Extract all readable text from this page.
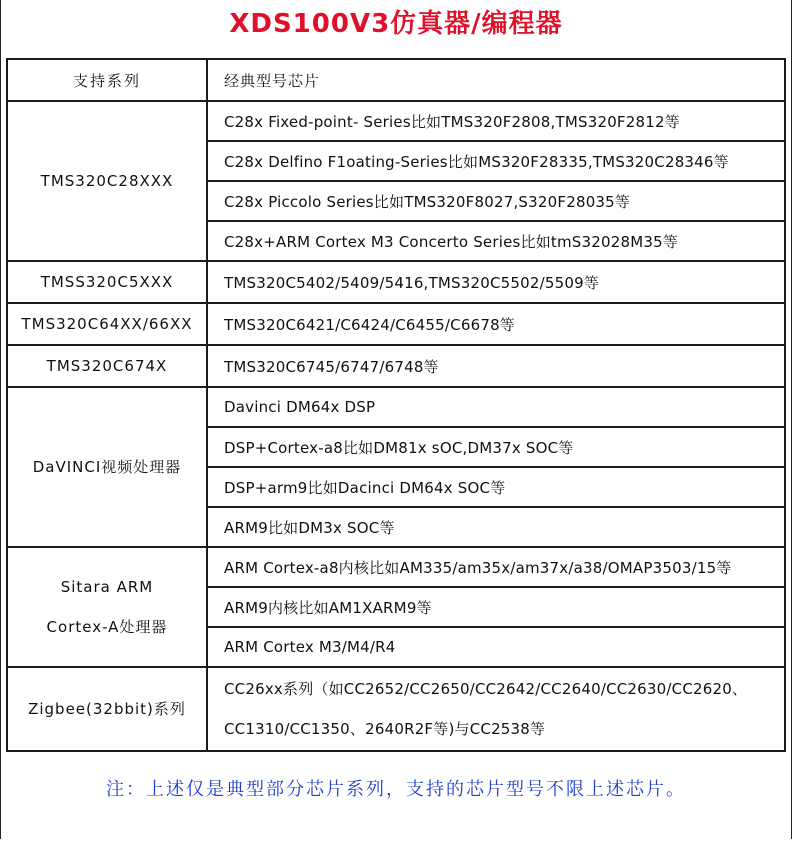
XDS100V3仿真器/编程器
支持系列	经典型号芯片
TMS320C28XXX	C28x Fixed-point- Series比如TMS320F2808,TMS320F2812等
	C28x Delfino F1oating-Series比如MS320F28335,TMS320C28346等
	C28x Piccolo Series比如TMS320F8027,S320F28035等
	C28x+ARM Cortex M3 Concerto Series比如tmS32028M35等
TMSS320C5XXX	TMS320C5402/5409/5416,TMS320C5502/5509等
TMS320C64XX/66XX	TMS320C6421/C6424/C6455/C6678等
TMS320C674X	TMS320C6745/6747/6748等
DaVINCI视频处理器	Davinci DM64x DSP
	DSP+Cortex-a8比如DM81x sOC,DM37x SOC等
	DSP+arm9比如Dacinci DM64x SOC等
	ARM9比如DM3x SOC等

Sitara ARM
Cortex-A处理器	ARM Cortex-a8内核比如AM335/am35x/am37x/a38/OMAP3503/15等
	ARM9内核比如AM1XARM9等
	ARM Cortex M3/M4/R4
Zigbee(32bbit)系列	CC26xx系列（如CC2652/CC2650/CC2642/CC2640/CC2630/CC2620、CC1310/CC1350、2640R2F等)与CC2538等
注：上述仅是典型部分芯片系列，支持的芯片型号不限上述芯片。
